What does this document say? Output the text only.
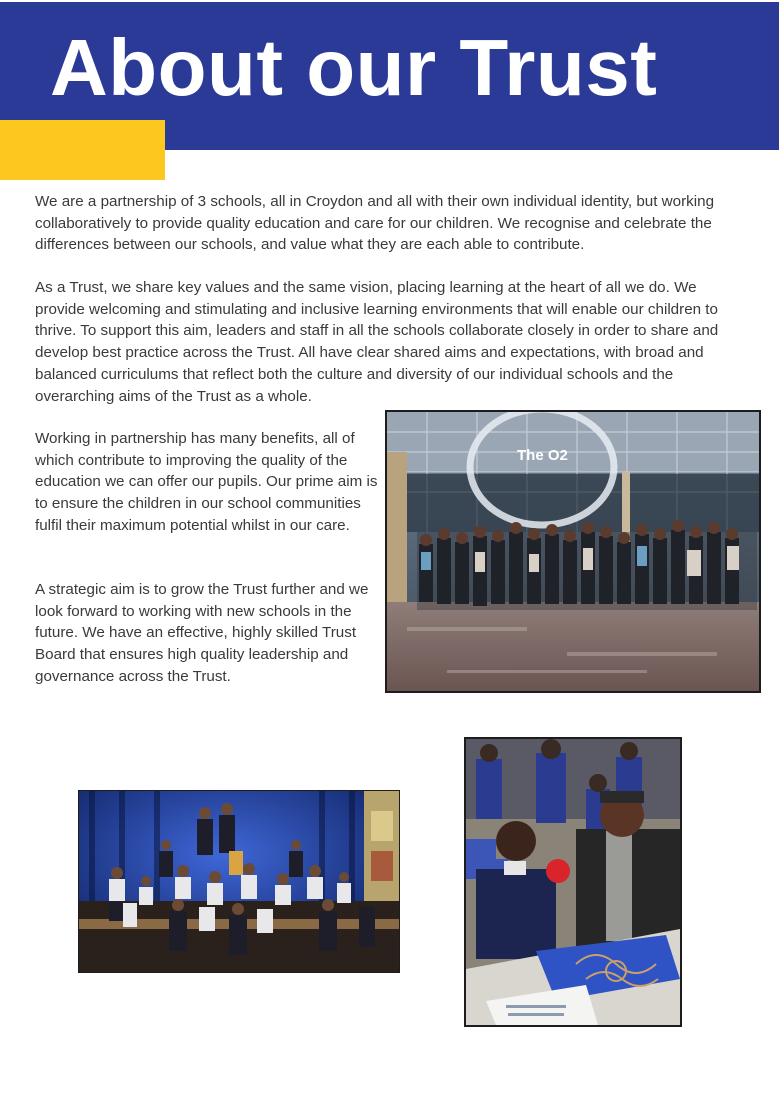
About our Trust

We are a partnership of 3 schools, all in Croydon and all with their own individual identity, but working collaboratively to provide quality education and care for our children. We recognise and celebrate the differences between our schools, and value what they are each able to contribute.

As a Trust, we share key values and the same vision, placing learning at the heart of all we do. We provide welcoming and stimulating and inclusive learning environments that will enable our children to thrive. To support this aim, leaders and staff in all the schools collaborate closely in order to share and develop best practice across the Trust. All have clear shared aims and expectations, with broad and balanced curriculums that reflect both the culture and diversity of our individual schools and the overarching aims of the Trust as a whole.

Working in partnership has many benefits, all of which contribute to improving the quality of the education we can offer our pupils. Our prime aim is to ensure the children in our school communities fulfil their maximum potential whilst in our care.

A strategic aim is to grow the Trust further and we look forward to working with new schools in the future. We have an effective, highly skilled Trust Board that ensures high quality leadership and governance across the Trust.

The O2
